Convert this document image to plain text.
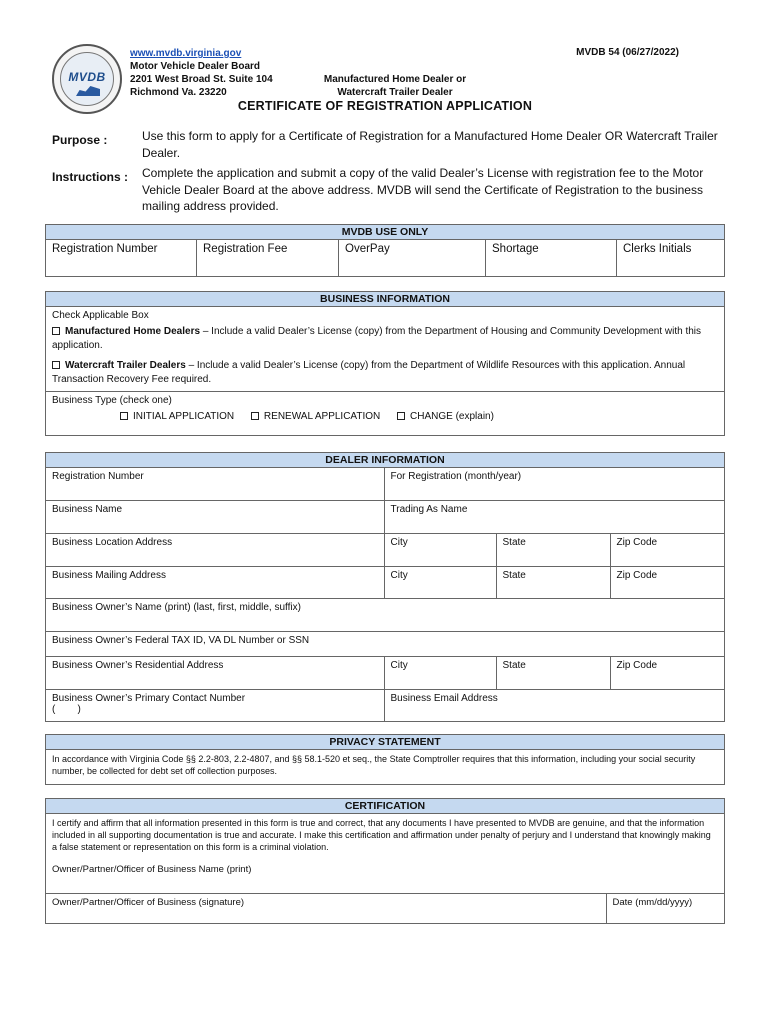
MVDB
www.mvdb.virginia.gov
Motor Vehicle Dealer Board
2201 West Broad St. Suite 104
Richmond Va. 23220
MVDB 54 (06/27/2022)
Manufactured Home Dealer or
Watercraft Trailer Dealer
CERTIFICATE OF REGISTRATION APPLICATION
Purpose :	Use this form to apply for a Certificate of Registration for a Manufactured Home Dealer OR Watercraft Trailer Dealer.
Instructions :	Complete the application and submit a copy of the valid Dealer’s License with registration fee to the Motor Vehicle Dealer Board at the above address. MVDB will send the Certificate of Registration to the business mailing address provided.
MVDB USE ONLY
Registration Number	Registration Fee	OverPay	Shortage	Clerks Initials
BUSINESS INFORMATION

Check Applicable Box

Manufactured Home Dealers – Include a valid Dealer’s License (copy) from the Department of Housing and Community Development with this application.

Watercraft Trailer Dealers – Include a valid Dealer’s License (copy) from the Department of Wildlife Resources with this application. Annual Transaction Recovery Fee required.

Business Type (check one)

INITIAL APPLICATION	RENEWAL APPLICATION	CHANGE (explain)

DEALER INFORMATION
Registration Number	For Registration (month/year)		
Business Name	Trading As Name		
Business Location Address	City	State	Zip Code
Business Mailing Address	City	State	Zip Code
Business Owner’s Name (print) (last, first, middle, suffix)			
Business Owner’s Federal TAX ID, VA DL Number or SSN			
Business Owner’s Residential Address	City	State	Zip Code

Business Owner’s Primary Contact Number
(        )	Business Email Address		
PRIVACY STATEMENT
In accordance with Virginia Code §§ 2.2-803, 2.2-4807, and §§ 58.1-520 et seq., the State Comptroller requires that this information, including your social security number, be collected for debt set off collection purposes.
CERTIFICATION
I certify and affirm that all information presented in this form is true and correct, that any documents I have presented to MVDB are genuine, and that the information included in all supporting documentation is true and accurate. I make this certification and affirmation under penalty of perjury and I understand that knowingly making a false statement or representation on this form is a criminal violation.
Owner/Partner/Officer of Business Name (print)
Owner/Partner/Officer of Business (signature)	Date (mm/dd/yyyy)
